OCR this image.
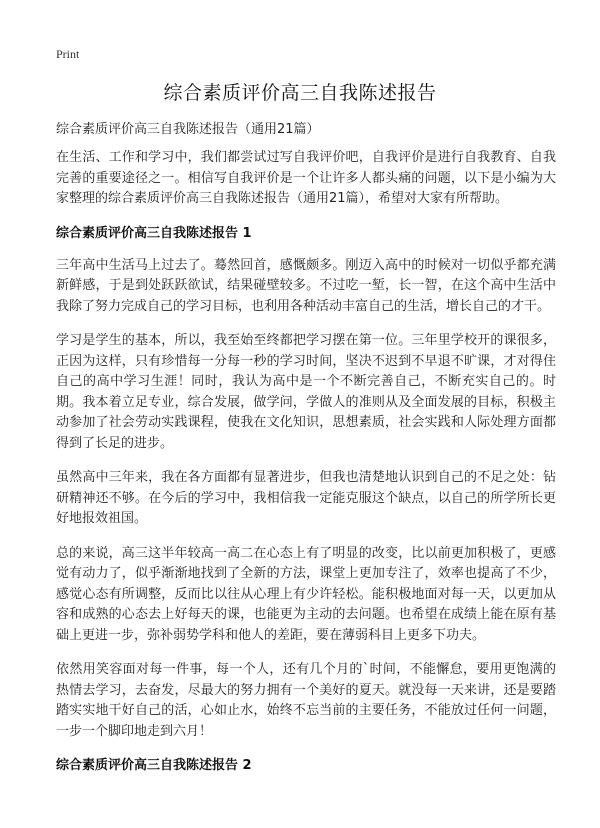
Print
综合素质评价高三自我陈述报告

综合素质评价高三自我陈述报告（通用21篇）

在生活、工作和学习中，我们都尝试过写自我评价吧，自我评价是进行自我教育、自我完善的重要途径之一。相信写自我评价是一个让许多人都头痛的问题，以下是小编为大家整理的综合素质评价高三自我陈述报告（通用21篇），希望对大家有所帮助。

综合素质评价高三自我陈述报告 1

三年高中生活马上过去了。蓦然回首，感慨颇多。刚迈入高中的时候对一切似乎都充满新鲜感，于是到处跃跃欲试，结果碰壁较多。不过吃一堑，长一智，在这个高中生活中我除了努力完成自己的学习目标，也利用各种活动丰富自己的生活，增长自己的才干。

学习是学生的基本，所以，我至始至终都把学习摆在第一位。三年里学校开的课很多，正因为这样，只有珍惜每一分每一秒的学习时间，坚决不迟到不早退不旷课，才对得住自己的高中学习生涯！同时，我认为高中是一个不断完善自己，不断充实自己的。时期。我本着立足专业，综合发展，做学问，学做人的准则从及全面发展的目标，积极主动参加了社会劳动实践课程，使我在文化知识，思想素质，社会实践和人际处理方面都得到了长足的进步。

虽然高中三年来，我在各方面都有显著进步，但我也清楚地认识到自己的不足之处：钻研精神还不够。在今后的学习中，我相信我一定能克服这个缺点，以自己的所学所长更好地报效祖国。

总的来说，高三这半年较高一高二在心态上有了明显的改变，比以前更加积极了，更感觉有动力了，似乎渐渐地找到了全新的方法，课堂上更加专注了，效率也提高了不少，感觉心态有所调整，反而比以往从心理上有少许轻松。能积极地面对每一天，以更加从容和成熟的心态去上好每天的课，也能更为主动的去问题。也希望在成绩上能在原有基础上更进一步，弥补弱势学科和他人的差距，要在薄弱科目上更多下功夫。

依然用笑容面对每一件事，每一个人，还有几个月的`时间，不能懈怠，要用更饱满的热情去学习，去奋发，尽最大的努力拥有一个美好的夏天。就没每一天来讲，还是要踏踏实实地干好自己的活，心如止水，始终不忘当前的主要任务，不能放过任何一问题，一步一个脚印地走到六月！

综合素质评价高三自我陈述报告 2
